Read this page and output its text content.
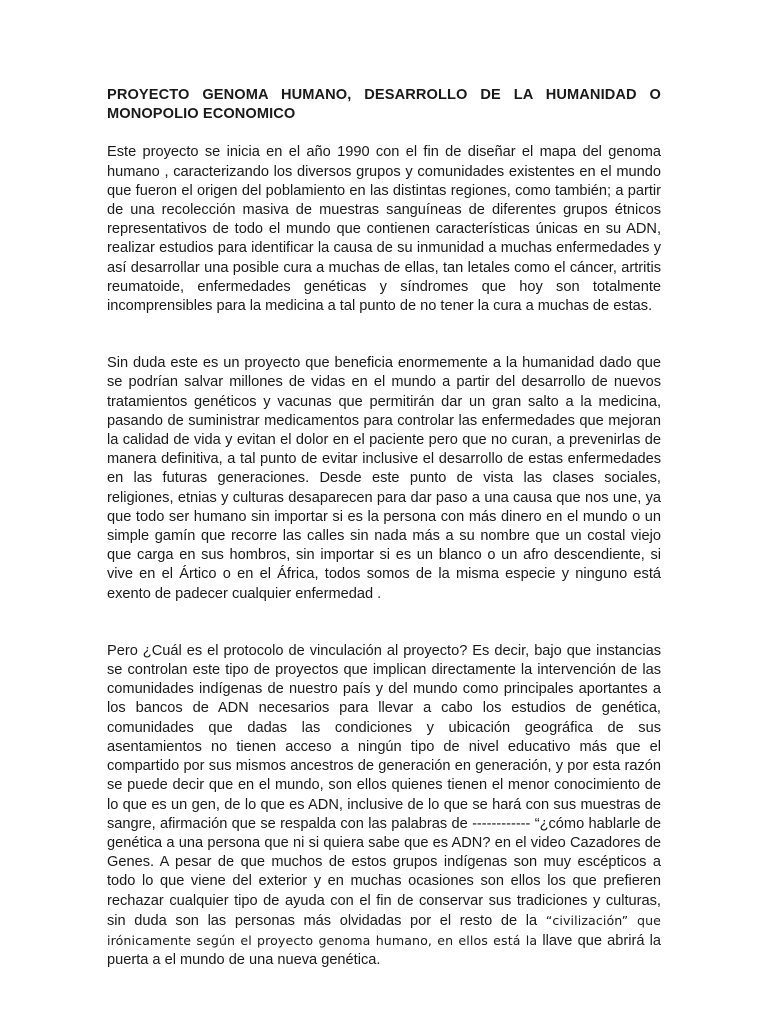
PROYECTO GENOMA HUMANO, DESARROLLO DE LA HUMANIDAD O MONOPOLIO ECONOMICO

Este proyecto se inicia en el año 1990 con el fin de diseñar el mapa del genoma humano , caracterizando los diversos grupos y comunidades existentes en el mundo que fueron el origen del poblamiento en las distintas regiones, como también; a partir de una recolección masiva de muestras sanguíneas de diferentes grupos étnicos representativos de todo el mundo que contienen características únicas en su ADN, realizar estudios para identificar la causa de su inmunidad a muchas enfermedades y así desarrollar una posible cura a muchas de ellas, tan letales como el cáncer, artritis reumatoide, enfermedades genéticas y síndromes que hoy son totalmente incomprensibles para la medicina a tal punto de no tener la cura a muchas de estas.

Sin duda este es un proyecto que beneficia enormemente a la humanidad dado que se podrían salvar millones de vidas en el mundo a partir del desarrollo de nuevos tratamientos genéticos y vacunas que permitirán dar un gran salto a la medicina, pasando de suministrar medicamentos para controlar las enfermedades que mejoran la calidad de vida y evitan el dolor en el paciente pero que no curan, a prevenirlas de manera definitiva, a tal punto de evitar inclusive el desarrollo de estas enfermedades en las futuras generaciones. Desde este punto de vista las clases sociales, religiones, etnias y culturas desaparecen para dar paso a una causa que nos une, ya que todo ser humano sin importar si es la persona con más dinero en el mundo o un simple gamín que recorre las calles sin nada más a su nombre que un costal viejo que carga en sus hombros, sin importar si es un blanco o un afro descendiente, si vive en el Ártico o en el África, todos somos de la misma especie y ninguno está exento de padecer cualquier enfermedad .

Pero ¿Cuál es el protocolo de vinculación al proyecto? Es decir, bajo que instancias se controlan este tipo de proyectos que implican directamente la intervención de las comunidades indígenas de nuestro país y del mundo como principales aportantes a los bancos de ADN necesarios para llevar a cabo los estudios de genética, comunidades que dadas las condiciones y ubicación geográfica de sus asentamientos no tienen acceso a ningún tipo de nivel educativo más que el compartido por sus mismos ancestros de generación en generación, y por esta razón se puede decir que en el mundo, son ellos quienes tienen el menor conocimiento de lo que es un gen, de lo que es ADN, inclusive de lo que se hará con sus muestras de sangre, afirmación que se respalda con las palabras de ------------ “¿cómo hablarle de genética a una persona que ni si quiera sabe que es ADN? en el video Cazadores de Genes. A pesar de que muchos de estos grupos indígenas son muy escépticos a todo lo que viene del exterior y en muchas ocasiones son ellos los que prefieren rechazar cualquier tipo de ayuda con el fin de conservar sus tradiciones y culturas, sin duda son las personas más olvidadas por el resto de la “civilización” que irónicamente según el proyecto genoma humano, en ellos está la llave que abrirá la puerta a el mundo de una nueva genética.
